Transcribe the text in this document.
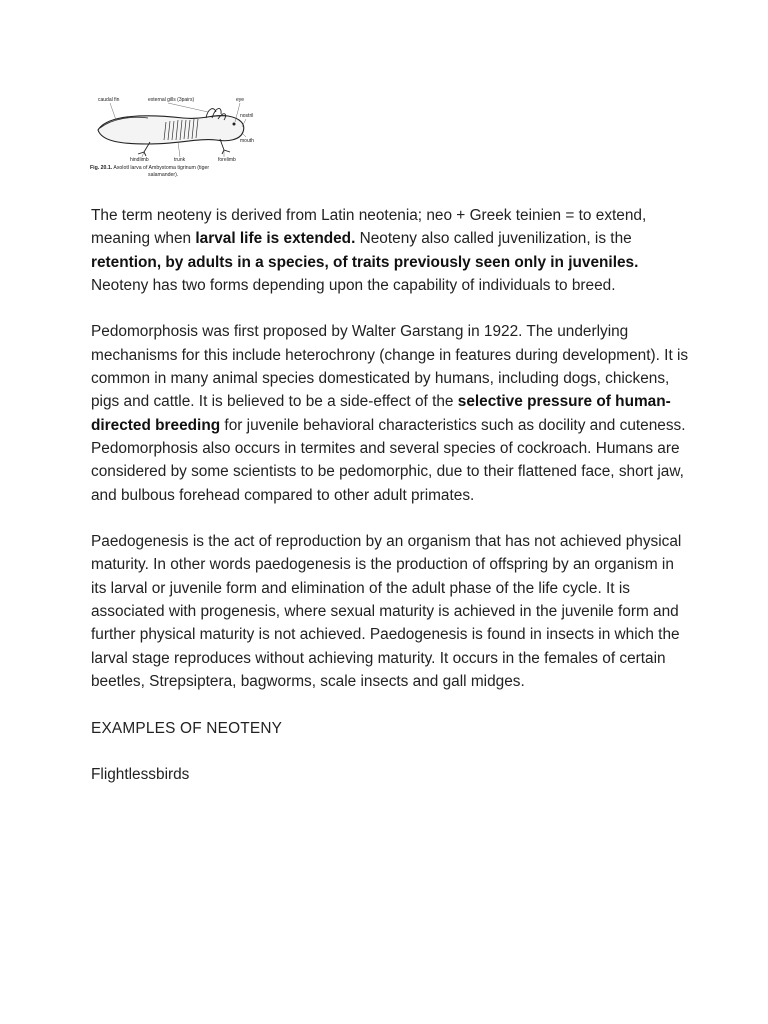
caudal fin	external gills (3pairs)	eye
nostril
mouth
hindlimb	trunk	forelimb
Fig. 20.1. Axolotl larva of Ambystoma tigrinum (tiger
salamander).

The term neoteny is derived from Latin neotenia; neo + Greek teinien = to extend, meaning when larval life is extended. Neoteny also called juvenilization, is the retention, by adults in a species, of traits previously seen only in juveniles. Neoteny has two forms depending upon the capability of individuals to breed.

Pedomorphosis was first proposed by Walter Garstang in 1922. The underlying mechanisms for this include heterochrony (change in features during development). It is common in many animal species domesticated by humans, including dogs, chickens, pigs and cattle. It is believed to be a side-effect of the selective pressure of human-directed breeding for juvenile behavioral characteristics such as docility and cuteness. Pedomorphosis also occurs in termites and several species of cockroach. Humans are considered by some scientists to be pedomorphic, due to their flattened face, short jaw, and bulbous forehead compared to other adult primates.

Paedogenesis is the act of reproduction by an organism that has not achieved physical maturity. In other words paedogenesis is the production of offspring by an organism in its larval or juvenile form and elimination of the adult phase of the life cycle. It is associated with progenesis, where sexual maturity is achieved in the juvenile form and further physical maturity is not achieved. Paedogenesis is found in insects in which the larval stage reproduces without achieving maturity. It occurs in the females of certain beetles, Strepsiptera, bagworms, scale insects and gall midges.

EXAMPLES OF NEOTENY

Flightlessbirds
